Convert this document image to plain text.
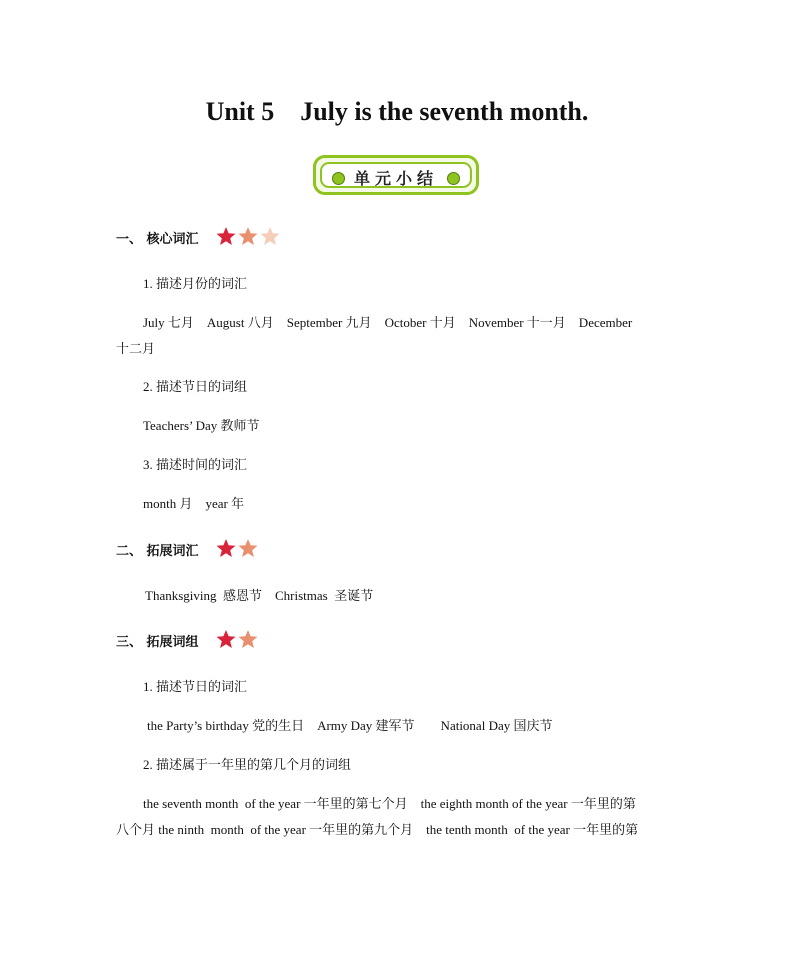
Unit 5    July is the seventh month.
单元小结
一、 核心词汇
1. 描述月份的词汇
July 七月    August 八月    September 九月    October 十月    November 十一月    December
十二月
2. 描述节日的词组
Teachers’ Day 教师节
3. 描述时间的词汇
month 月    year 年
二、 拓展词汇
Thanksgiving  感恩节    Christmas  圣诞节
三、 拓展词组
1. 描述节日的词汇
the Party’s birthday 党的生日    Army Day 建军节        National Day 国庆节
2. 描述属于一年里的第几个月的词组
the seventh month  of the year 一年里的第七个月    the eighth month of the year 一年里的第
八个月 the ninth  month  of the year 一年里的第九个月    the tenth month  of the year 一年里的第
